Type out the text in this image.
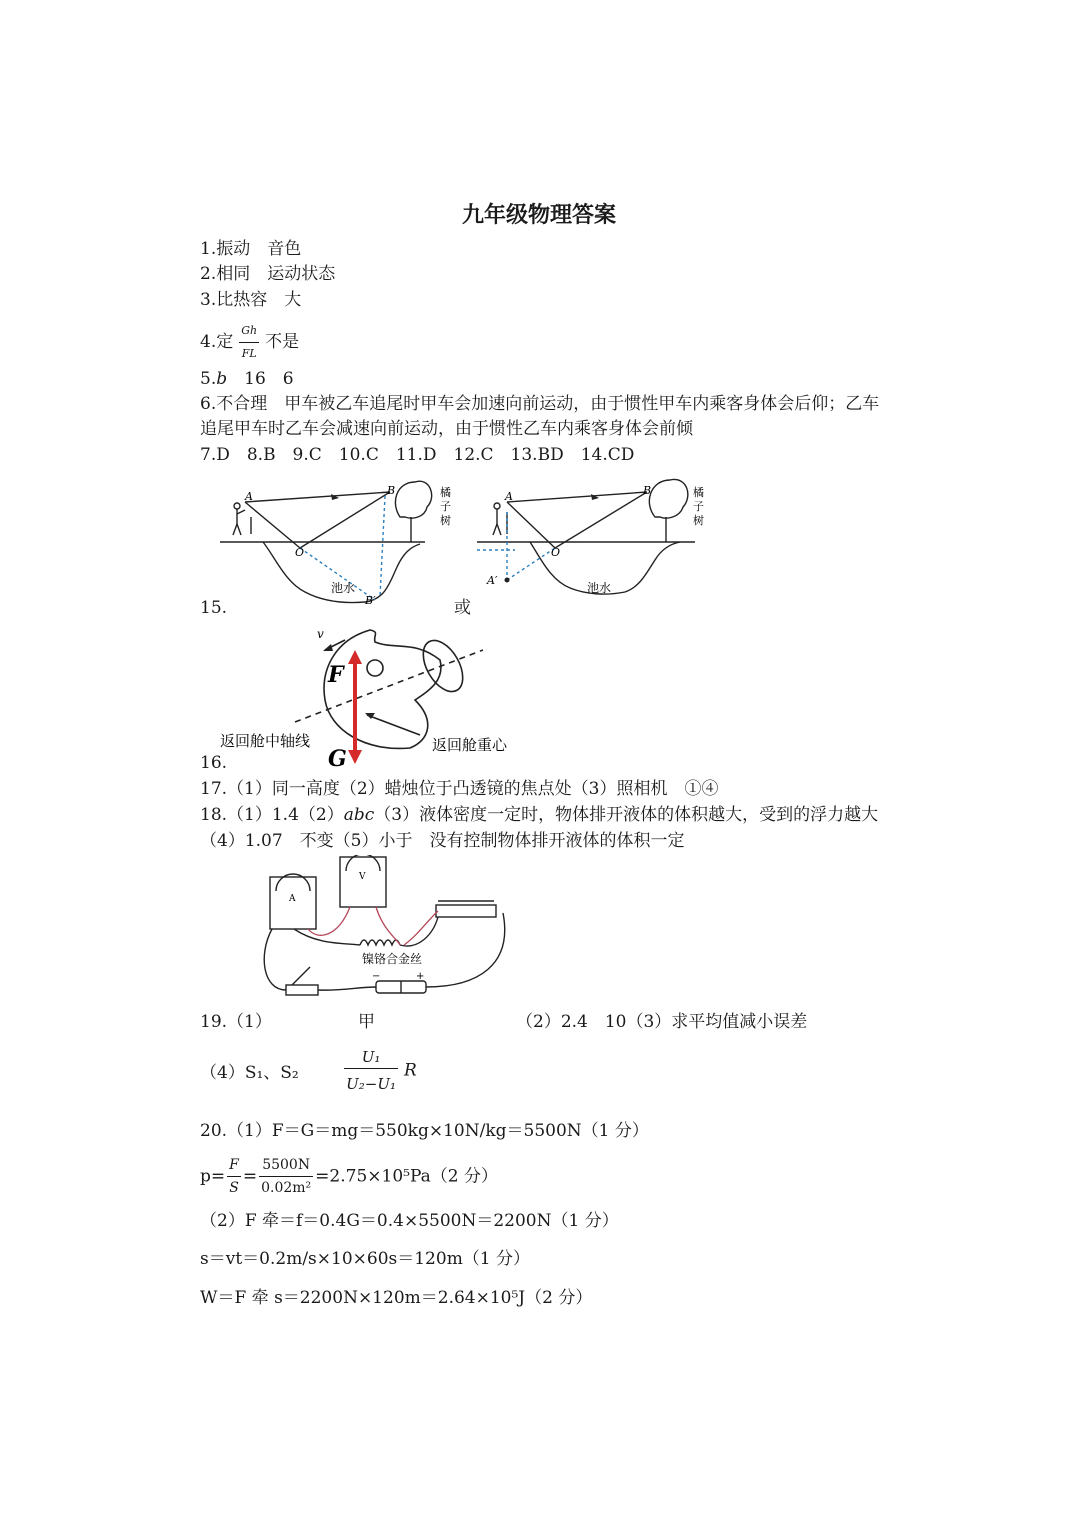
九年级物理答案
1.振动　音色
2.相同　运动状态
3.比热容　大
4.定 $\frac{Gh}{FL}$ 不是
5.b　16　6
6.不合理　甲车被乙车追尾时甲车会加速向前运动，由于惯性甲车内乘客身体会后仰；乙车
追尾甲车时乙车会减速向前运动，由于惯性乙车内乘客身体会前倾
7.D　8.B　9.C　10.C　11.D　12.C　13.BD　14.CD
A	B
O
B′
池水
橘
子
树
A	B
O
A′
池水
橘
子
树
15.	或
v
F
G
返回舱中轴线	返回舱重心
16.
17.（1）同一高度（2）蜡烛位于凸透镜的焦点处（3）照相机　①④
18.（1）1.4（2）abc（3）液体密度一定时，物体排开液体的体积越大，受到的浮力越大
（4）1.07　不变（5）小于　没有控制物体排开液体的体积一定
A
V
镍铬合金丝
−	+
19.（1）	甲	（2）2.4　10（3）求平均值减小误差
（4）S₁、S₂	$\frac{\text{U₁}}{\text{U₂−U₁}}$ R
20.（1）F＝G＝mg＝550kg×10N/kg＝5500N（1 分）
$p= \frac{F}{S} = \frac{5500N}{\text{0.02m²}} =2.75\times 10^5Pa(2$ 分）
（2）F 牵＝f＝0.4G＝0.4×5500N＝2200N（1 分）
s＝vt＝0.2m/s×10×60s＝120m（1 分）
W＝F 牵 s＝2200N×120m＝2.64×10⁵J（2 分）
